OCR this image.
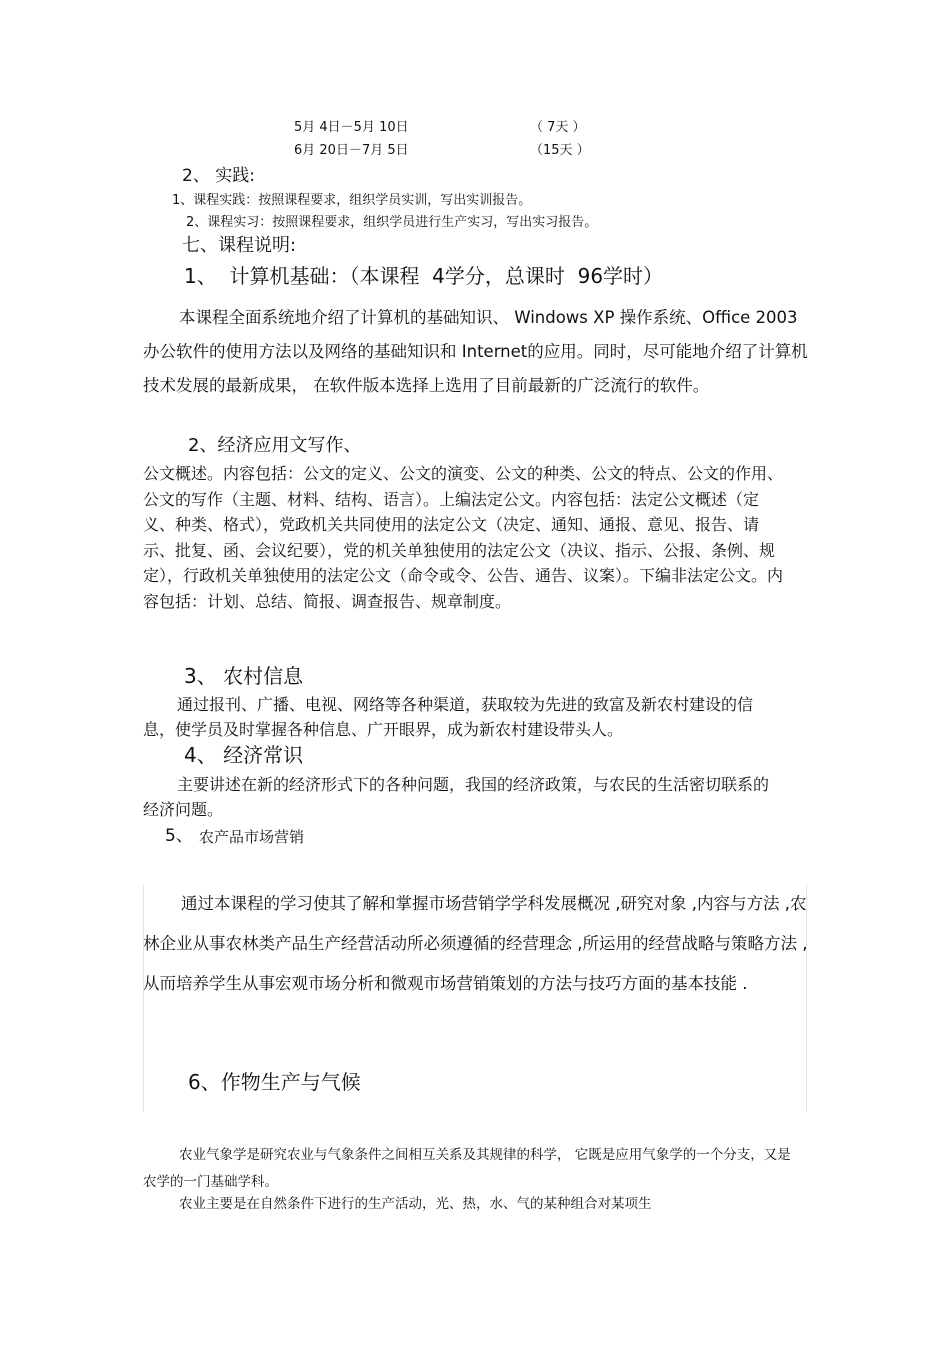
5月 4日－5月 10日	（ 7天 ）
6月 20日－7月 5日	（15天 ）
2、 实践:
1、课程实践：按照课程要求，组织学员实训，写出实训报告。
2、课程实习：按照课程要求，组织学员进行生产实习，写出实习报告。
七、课程说明:
1、  计算机基础：（本课程  4学分，总课时  96学时）
本课程全面系统地介绍了计算机的基础知识、 Windows XP 操作系统、Office 2003办公软件的使用方法以及网络的基础知识和 Internet的应用。同时，尽可能地介绍了计算机技术发展的最新成果， 在软件版本选择上选用了目前最新的广泛流行的软件。
2、经济应用文写作、
公文概述。内容包括：公文的定义、公文的演变、公文的种类、公文的特点、公文的作用、公文的写作（主题、材料、结构、语言）。上编法定公文。内容包括：法定公文概述（定义、种类、格式），党政机关共同使用的法定公文（决定、通知、通报、意见、报告、请示、批复、函、会议纪要），党的机关单独使用的法定公文（决议、指示、公报、条例、规定），行政机关单独使用的法定公文（命令或令、公告、通告、议案）。下编非法定公文。内容包括：计划、总结、简报、调查报告、规章制度。
3、 农村信息
通过报刊、广播、电视、网络等各种渠道，获取较为先进的致富及新农村建设的信息，使学员及时掌握各种信息、广开眼界，成为新农村建设带头人。
4、 经济常识
主要讲述在新的经济形式下的各种问题，我国的经济政策，与农民的生活密切联系的经济问题。
5、 农产品市场营销
通过本课程的学习使其了解和掌握市场营销学学科发展概况 ,研究对象 ,内容与方法 ,农林企业从事农林类产品生产经营活动所必须遵循的经营理念 ,所运用的经营战略与策略方法 ,从而培养学生从事宏观市场分析和微观市场营销策划的方法与技巧方面的基本技能 .
6、作物生产与气候
农业气象学是研究农业与气象条件之间相互关系及其规律的科学， 它既是应用气象学的一个分支，又是农学的一门基础学科。
农业主要是在自然条件下进行的生产活动，光、热，水、气的某种组合对某项生
